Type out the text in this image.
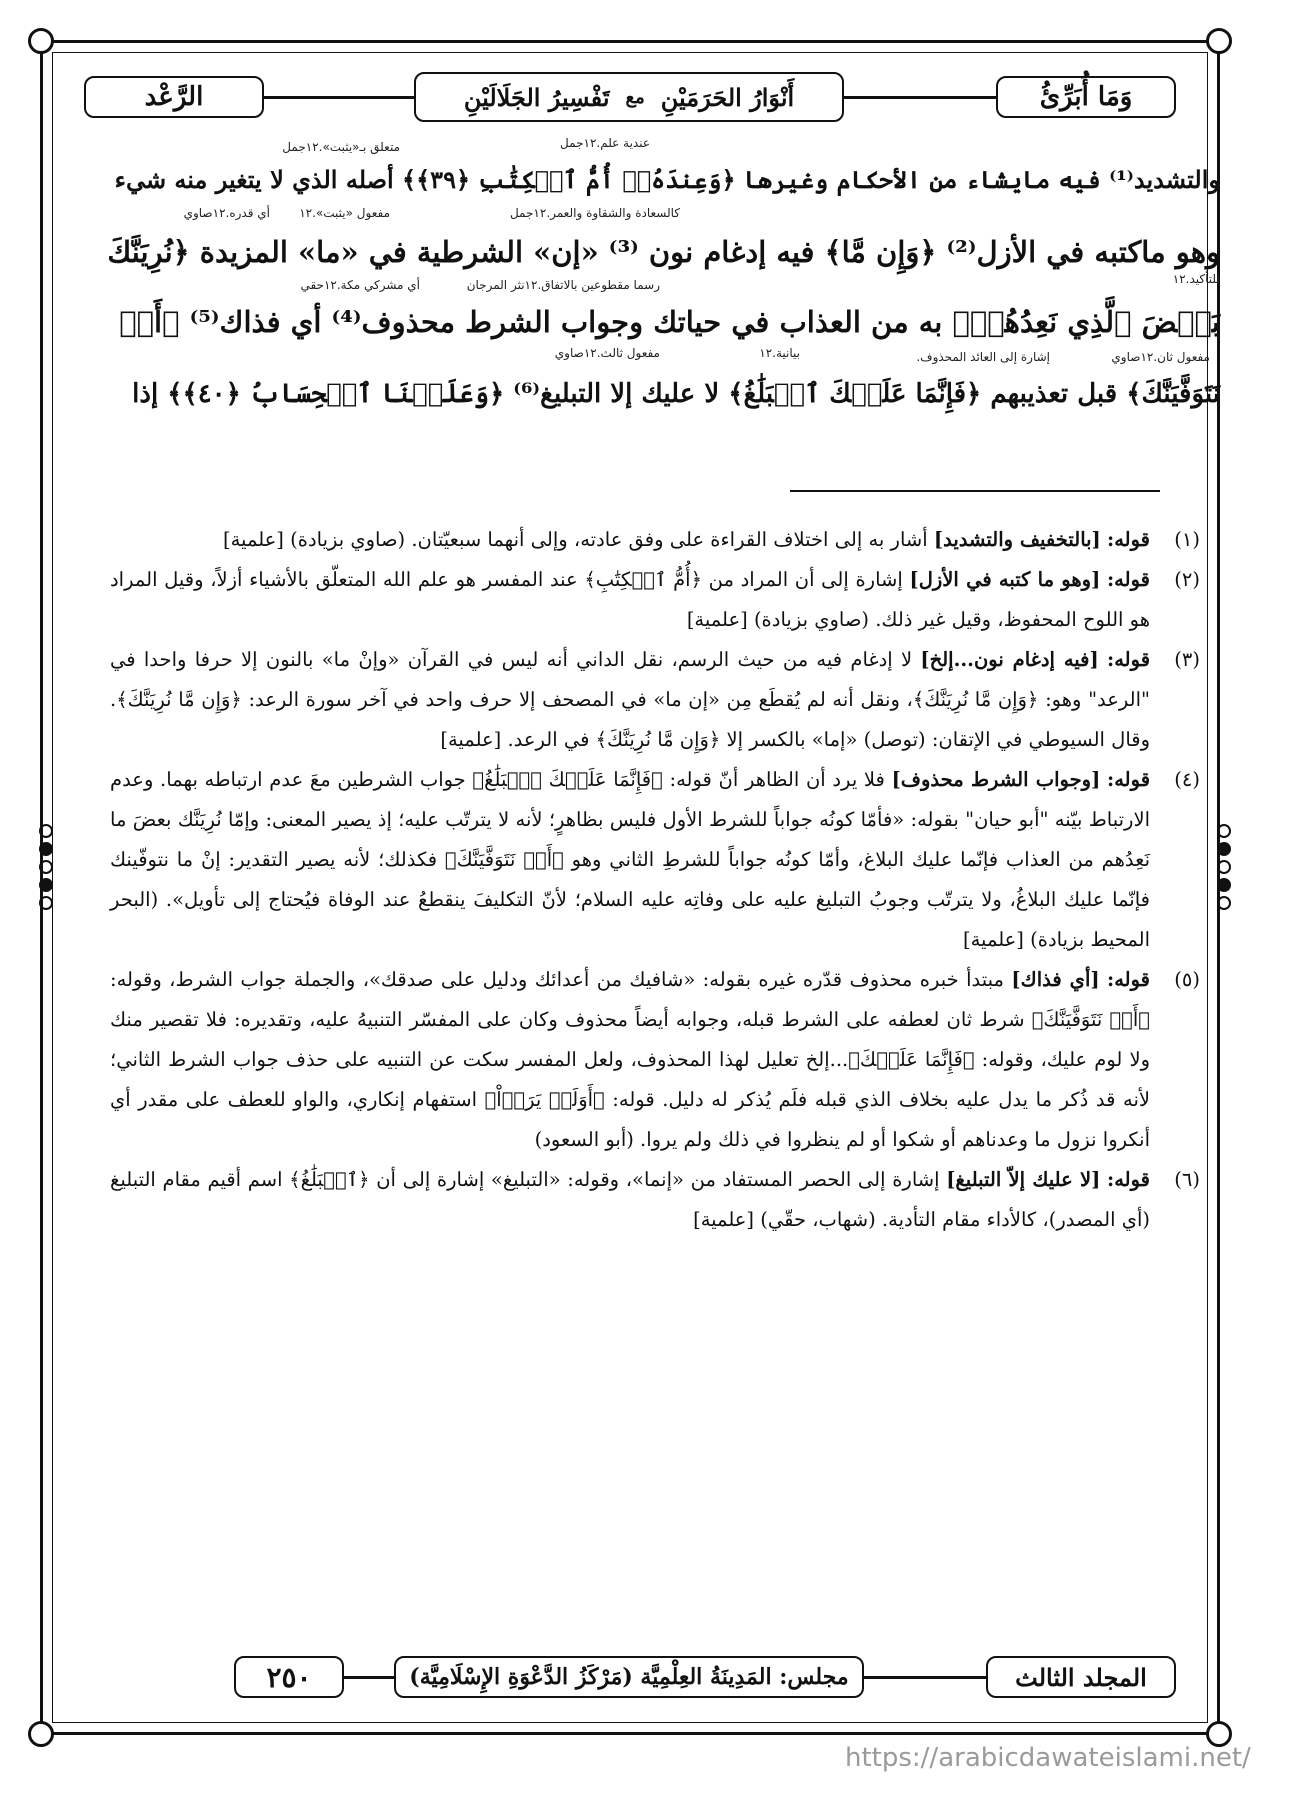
وَمَا أُبَرِّئُ
تَفْسِيرُ الجَلَالَيْنِ مع أَنْوَارُ الحَرَمَيْنِ
الرَّعْد
متعلق بـ«يثبت».١٢جمل	عندية علم.١٢جمل
والتشديد⁽¹⁾ فيه مايشاء من الأحكام وغيرها ﴿وَعِندَهُۥٓ أُمُّ ٱلۡكِتَٰبِ ﴿٣٩﴾﴾ أصله الذي لا يتغير منه شيء
أي قدره.١٢صاوي مفعول «يثبت».١٢	كالسعادة والشقاوة والعمر.١٢جمل
وهو ماكتبه في الأزل⁽²⁾ ﴿وَإِن مَّا﴾ فيه إدغام نون ⁽³⁾ «إن» الشرطية في «ما» المزيدة ﴿نُرِيَنَّكَ
للتأكيد.١٢
أي مشركي مكة.١٢حقي	رسما مقطوعين بالاتفاق.١٢نثر المرجان
بَعۡضَ ٱلَّذِي نَعِدُهُمۡ﴾ به من العذاب في حياتك وجواب الشرط محذوف⁽⁴⁾ أي فذاك⁽⁵⁾ ﴿أَوۡ
مفعول ثان.١٢صاوي
إشارة إلى العائد المحذوف.
بيانية.١٢
مفعول ثالث.١٢صاوي
نَتَوَفَّيَنَّكَ﴾ قبل تعذيبهم ﴿فَإِنَّمَا عَلَيۡكَ ٱلۡبَلَٰغُ﴾ لا عليك إلا التبليغ⁽⁶⁾ ﴿وَعَلَيۡنَا ٱلۡحِسَابُ ﴿٤٠﴾﴾ إذا
(١)
قوله: [بالتخفيف والتشديد] أشار به إلى اختلاف القراءة على وفق عادته، وإلى أنهما سبعيّتان. (صاوي بزيادة) [علمية]
(٢)
قوله: [وهو ما كتبه في الأزل] إشارة إلى أن المراد من ﴿أُمُّ ٱلۡكِتَٰبِ﴾ عند المفسر هو علم الله المتعلّق بالأشياء أزلاً، وقيل المراد هو اللوح المحفوظ، وقيل غير ذلك. (صاوي بزيادة) [علمية]
(٣)
قوله: [فيه إدغام نون...إلخ] لا إدغام فيه من حيث الرسم، نقل الداني أنه ليس في القرآن «وإنْ ما» بالنون إلا حرفا واحدا في "الرعد" وهو: ﴿وَإِن مَّا نُرِيَنَّكَ﴾، ونقل أنه لم يُقطَع مِن «إن ما» في المصحف إلا حرف واحد في آخر سورة الرعد: ﴿وَإِن مَّا نُرِيَنَّكَ﴾. وقال السيوطي في الإتقان: (توصل) «إما» بالكسر إلا ﴿وَإِن مَّا نُرِيَنَّكَ﴾ في الرعد. [علمية]
(٤)
قوله: [وجواب الشرط محذوف] فلا يرد أن الظاهر أنّ قوله: ﴿فَإِنَّمَا عَلَيۡكَ ٱلۡبَلَٰغُ﴾ جواب الشرطين معَ عدم ارتباطه بهما. وعدم الارتباط بيّنه "أبو حيان" بقوله: «فأمّا كونُه جواباً للشرط الأول فليس بظاهرٍ؛ لأنه لا يترتّب عليه؛ إذ يصير المعنى: وإمّا نُرِيَنَّك بعضَ ما نَعِدُهم من العذاب فإنّما عليك البلاغ، وأمّا كونُه جواباً للشرطِ الثاني وهو ﴿أَوۡ نَتَوَفَّيَنَّكَ﴾ فكذلك؛ لأنه يصير التقدير: إنْ ما نتوفّينك فإنّما عليك البلاغُ، ولا يترتّب وجوبُ التبليغ عليه على وفاتِه عليه السلام؛ لأنّ التكليفَ ينقطعُ عند الوفاة فيُحتاج إلى تأويل». (البحر المحيط بزيادة) [علمية]
(٥)
قوله: [أي فذاك] مبتدأ خبره محذوف قدّره غيره بقوله: «شافيك من أعدائك ودليل على صدقك»، والجملة جواب الشرط، وقوله: ﴿أَوۡ نَتَوَفَّيَنَّكَ﴾ شرط ثان لعطفه على الشرط قبله، وجوابه أيضاً محذوف وكان على المفسّر التنبيهُ عليه، وتقديره: فلا تقصير منك ولا لوم عليك، وقوله: ﴿فَإِنَّمَا عَلَيۡكَ﴾...إلخ تعليل لهذا المحذوف، ولعل المفسر سكت عن التنبيه على حذف جواب الشرط الثاني؛ لأنه قد ذُكر ما يدل عليه بخلاف الذي قبله فلَم يُذكر له دليل. قوله: ﴿أَوَلَمۡ يَرَوۡاْ﴾ استفهام إنكاري، والواو للعطف على مقدر أي أنكروا نزول ما وعدناهم أو شكوا أو لم ينظروا في ذلك ولم يروا. (أبو السعود)
(٦)
قوله: [لا عليك إلاّ التبليغ] إشارة إلى الحصر المستفاد من «إنما»، وقوله: «التبليغ» إشارة إلى أن ﴿ٱلۡبَلَٰغُ﴾ اسم أقيم مقام التبليغ (أي المصدر)، كالأداء مقام التأدية. (شهاب، حقّي) [علمية]
المجلد الثالث
مجلس: المَدِينَةُ العِلْمِيَّة (مَرْكَزُ الدَّعْوَةِ الإِسْلَامِيَّة)
٢٥٠
https://arabicdawateislami.net/
